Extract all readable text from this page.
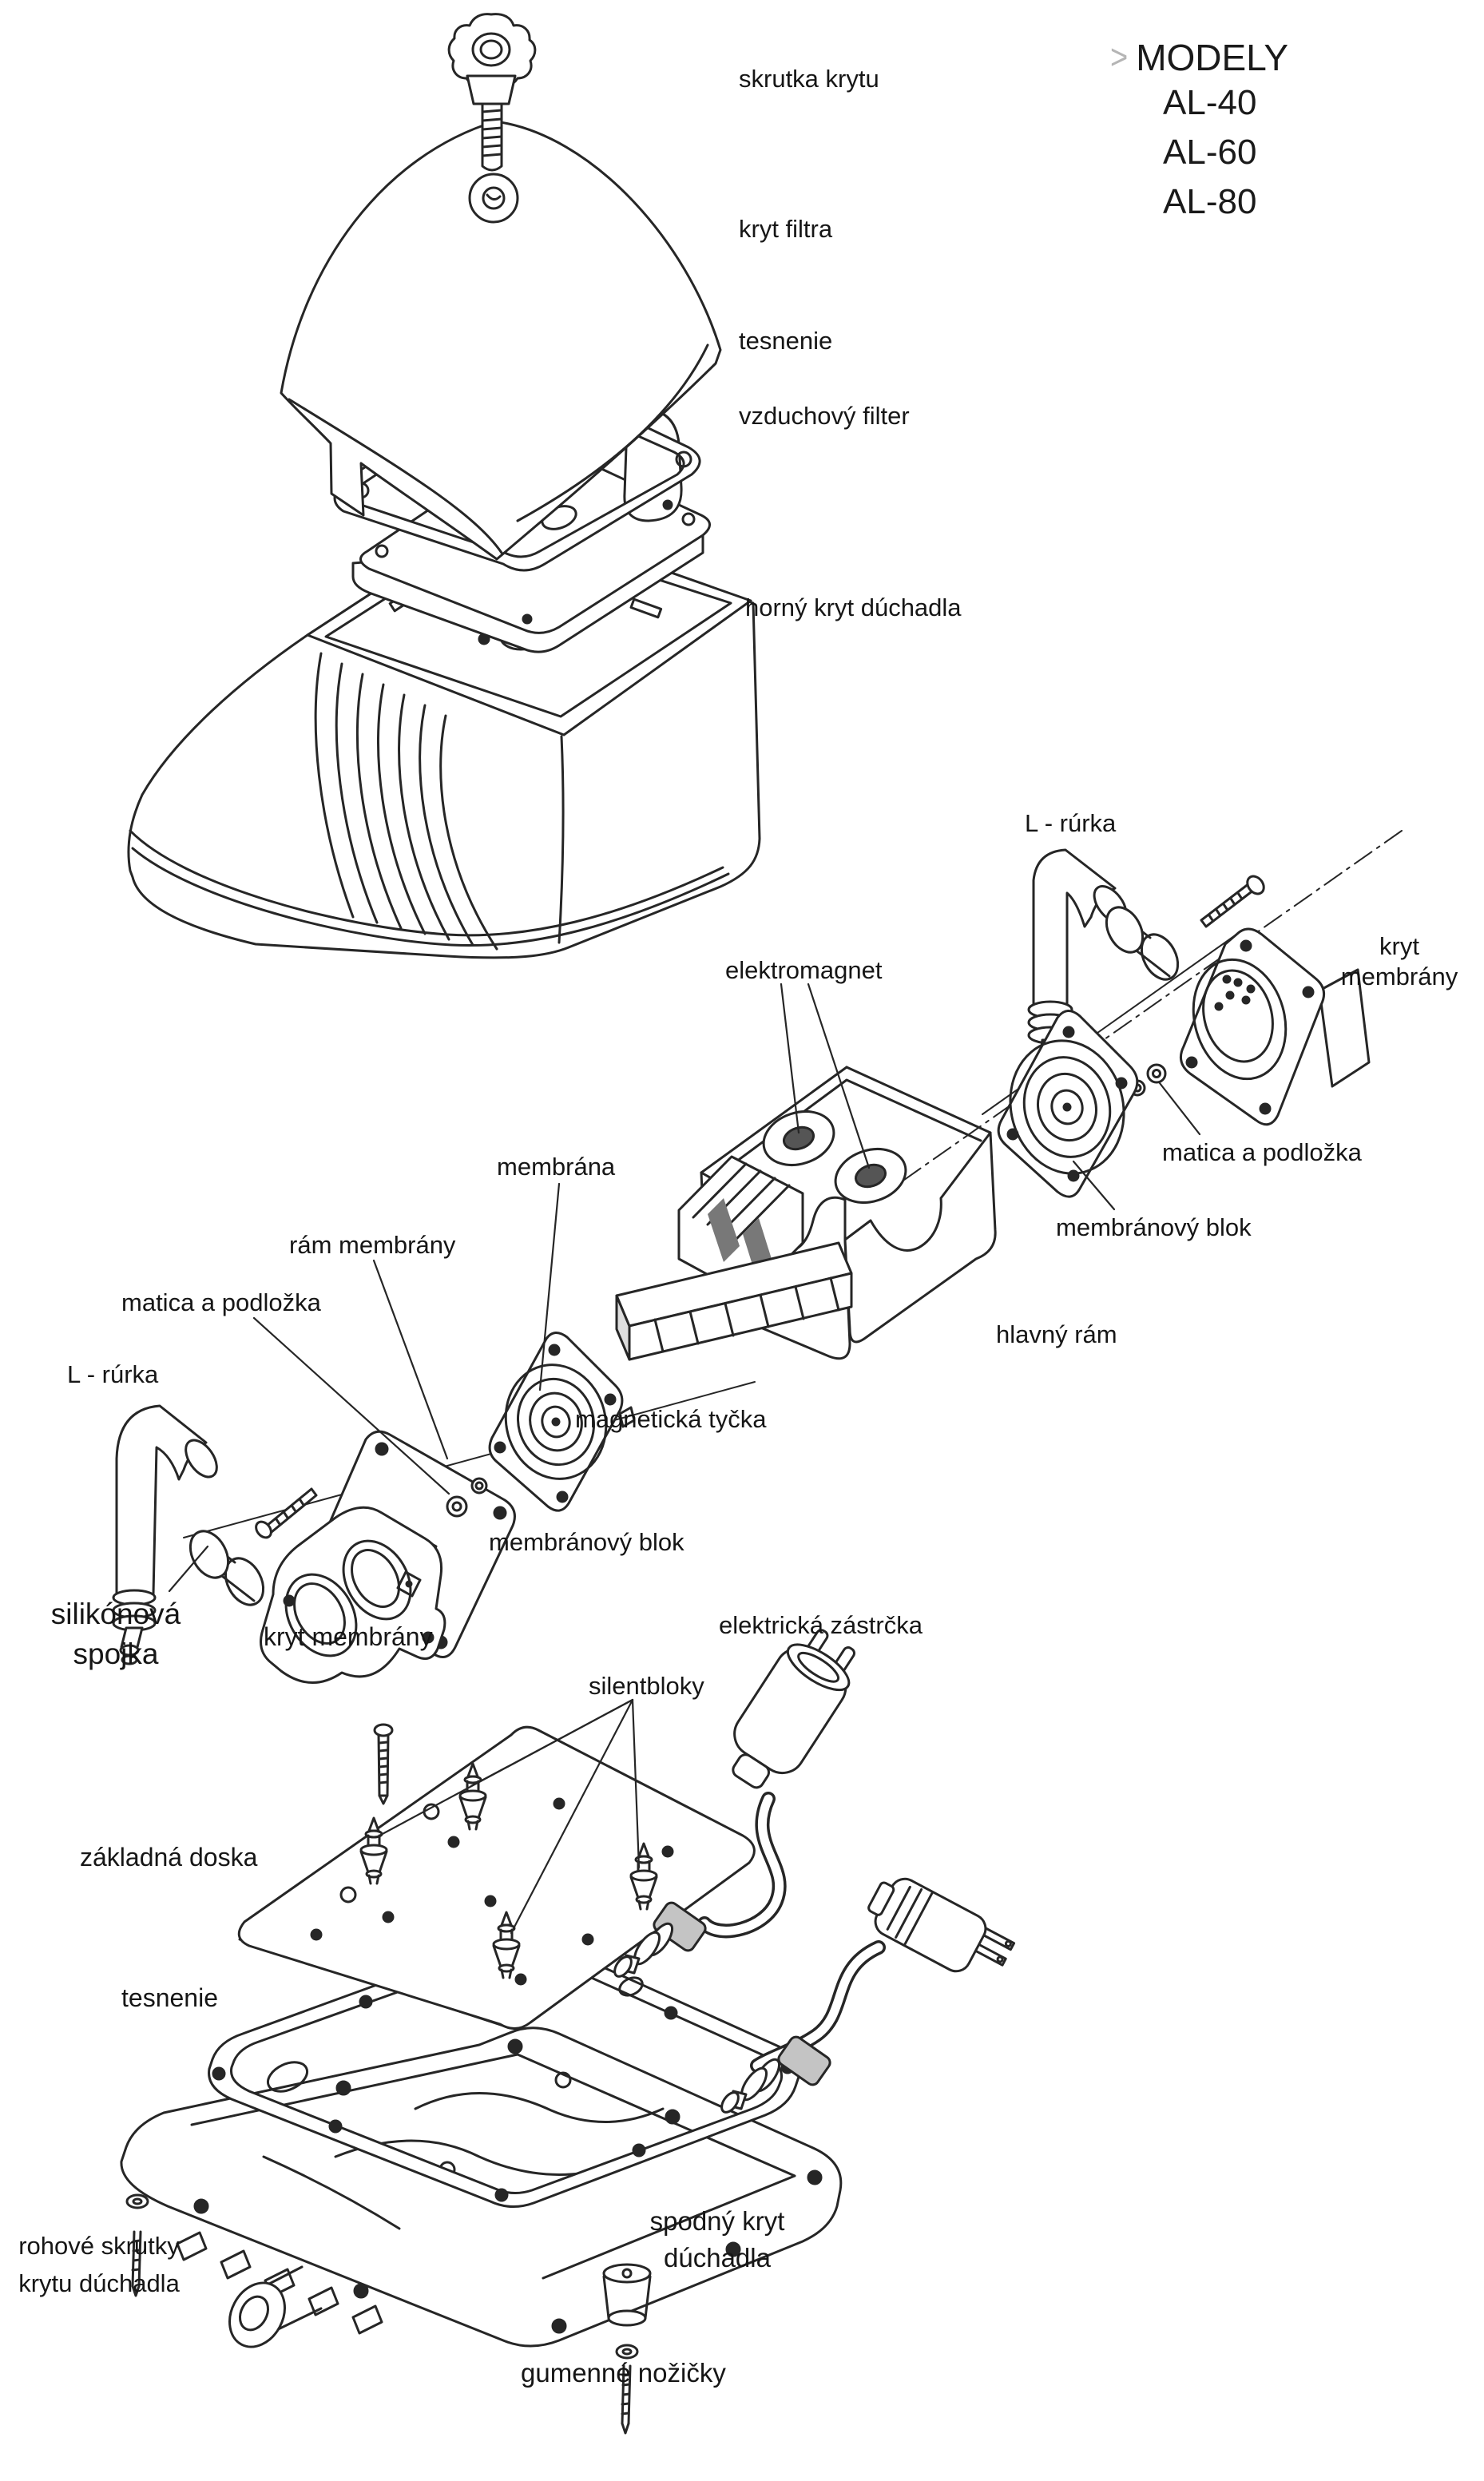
> MODELY
AL-40
AL-60
AL-80
skrutka krytu
kryt filtra
tesnenie
vzduchový filter
horný kryt dúchadla
L - rúrka
kryt membrány
elektromagnet
matica a podložka
membránový blok
hlavný rám
membrána
rám membrány
matica a podložka
L - rúrka
silikónová spojka
kryt membrány
membránový blok
magnetická tyčka
elektrická zástrčka
silentbloky
základná doska
tesnenie
rohové skrutky krytu dúchadla
spodný kryt dúchadla
gumenné nožičky
